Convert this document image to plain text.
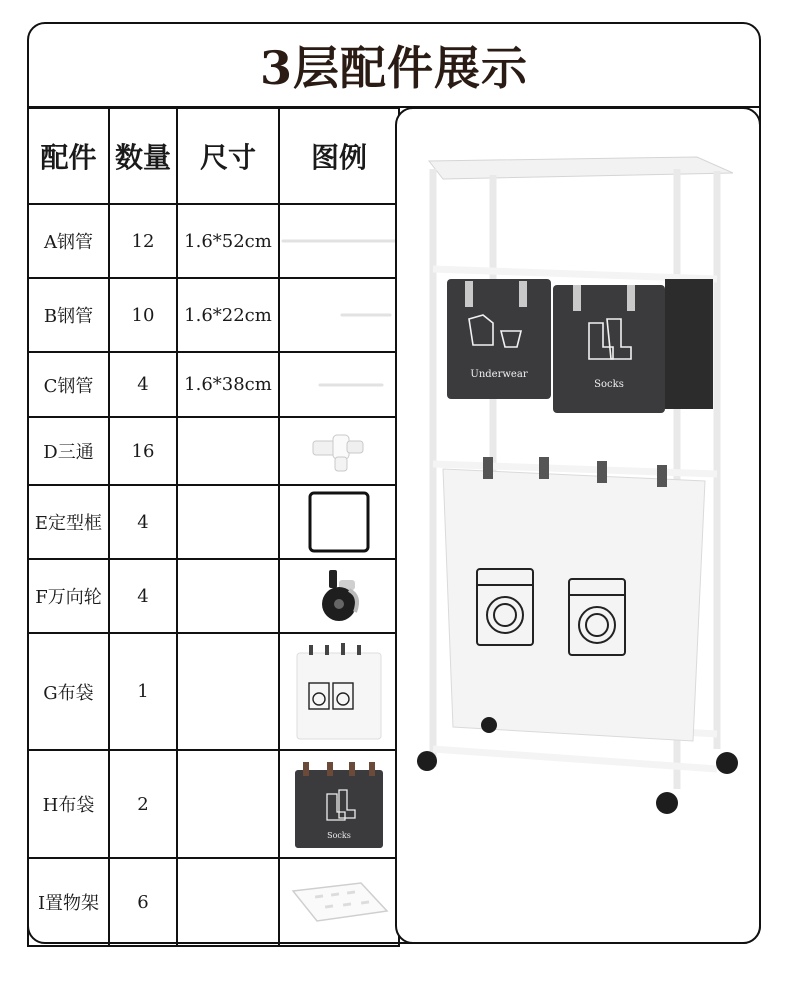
3层配件展示
配件	数量	尺寸	图例
A钢管	12	1.6*52cm	

B钢管	10	1.6*22cm	

C钢管	4	1.6*38cm	

D三通	16		

E定型框	4		

F万向轮	4		

G布袋	1		

H布袋	2		Socks

I置物架	6		
Underwear
Socks
